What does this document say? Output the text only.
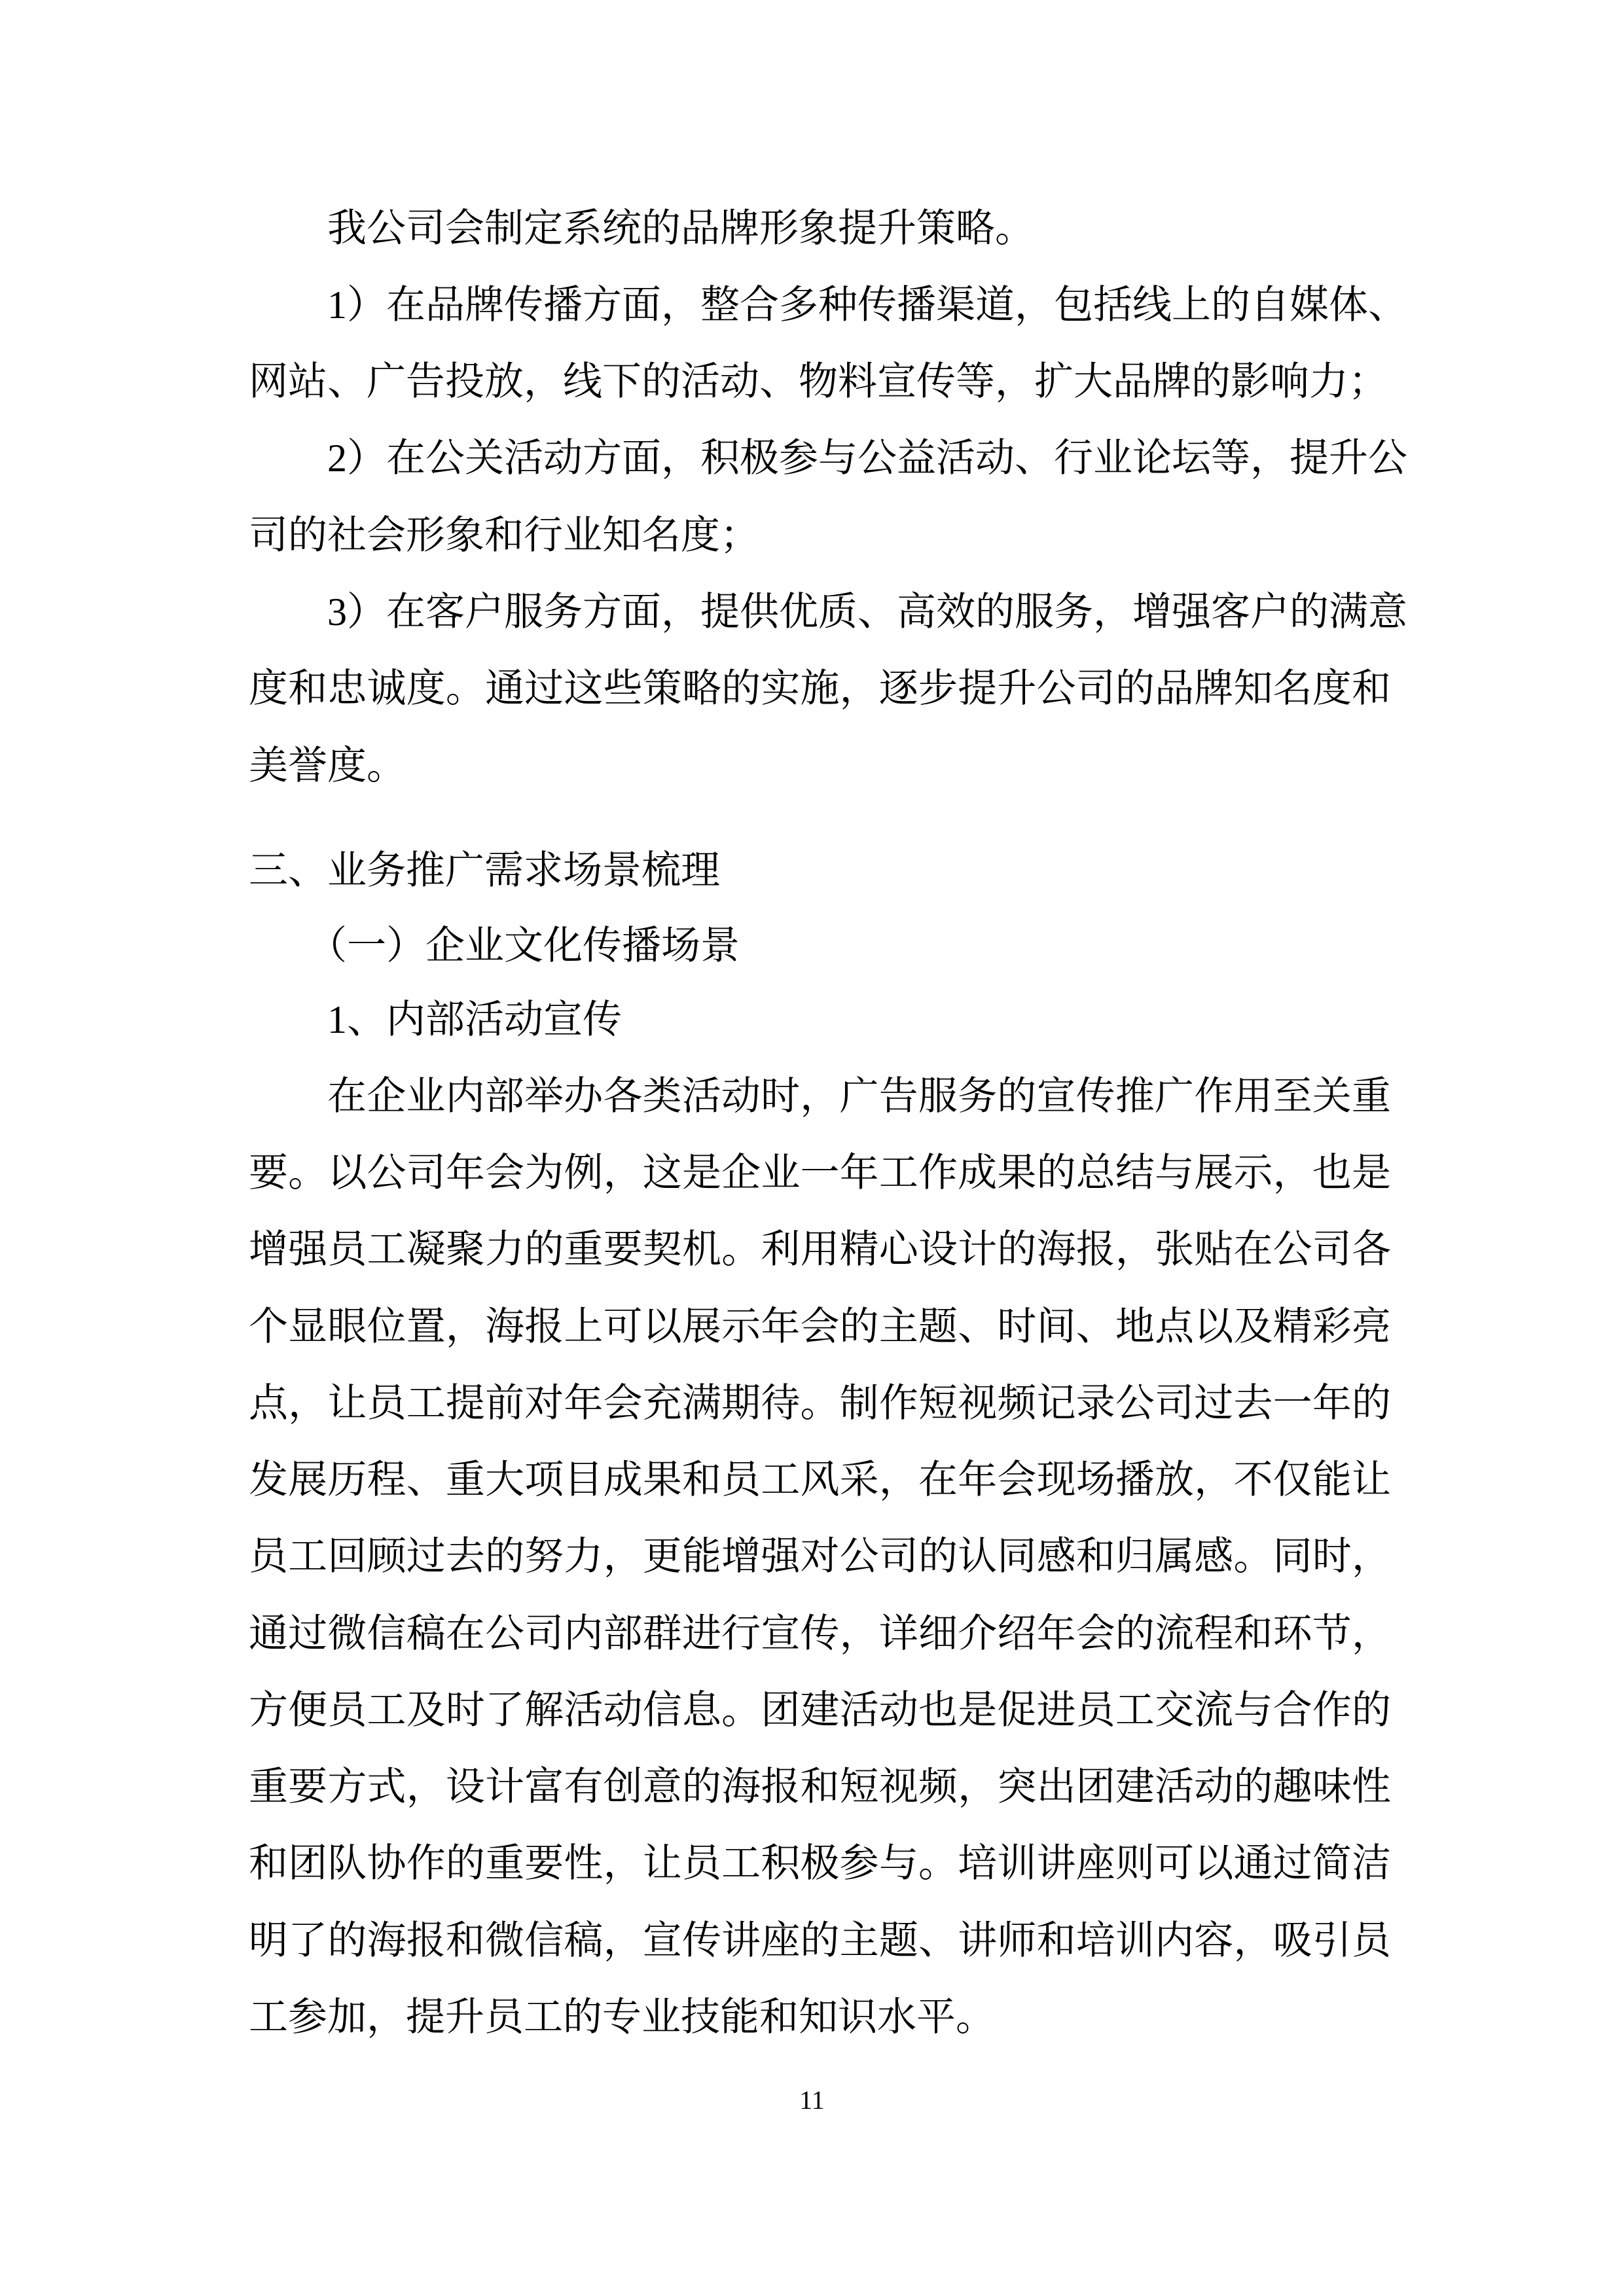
我公司会制定系统的品牌形象提升策略。
1）在品牌传播方面，整合多种传播渠道，包括线上的自媒体、
网站、广告投放，线下的活动、物料宣传等，扩大品牌的影响力；
2）在公关活动方面，积极参与公益活动、行业论坛等，提升公
司的社会形象和行业知名度；
3）在客户服务方面，提供优质、高效的服务，增强客户的满意
度和忠诚度。通过这些策略的实施，逐步提升公司的品牌知名度和
美誉度。
三、业务推广需求场景梳理
（一）企业文化传播场景
1、内部活动宣传
在企业内部举办各类活动时，广告服务的宣传推广作用至关重
要。以公司年会为例，这是企业一年工作成果的总结与展示，也是
增强员工凝聚力的重要契机。利用精心设计的海报，张贴在公司各
个显眼位置，海报上可以展示年会的主题、时间、地点以及精彩亮
点，让员工提前对年会充满期待。制作短视频记录公司过去一年的
发展历程、重大项目成果和员工风采，在年会现场播放，不仅能让
员工回顾过去的努力，更能增强对公司的认同感和归属感。同时，
通过微信稿在公司内部群进行宣传，详细介绍年会的流程和环节，
方便员工及时了解活动信息。团建活动也是促进员工交流与合作的
重要方式，设计富有创意的海报和短视频，突出团建活动的趣味性
和团队协作的重要性，让员工积极参与。培训讲座则可以通过简洁
明了的海报和微信稿，宣传讲座的主题、讲师和培训内容，吸引员
工参加，提升员工的专业技能和知识水平。
11
